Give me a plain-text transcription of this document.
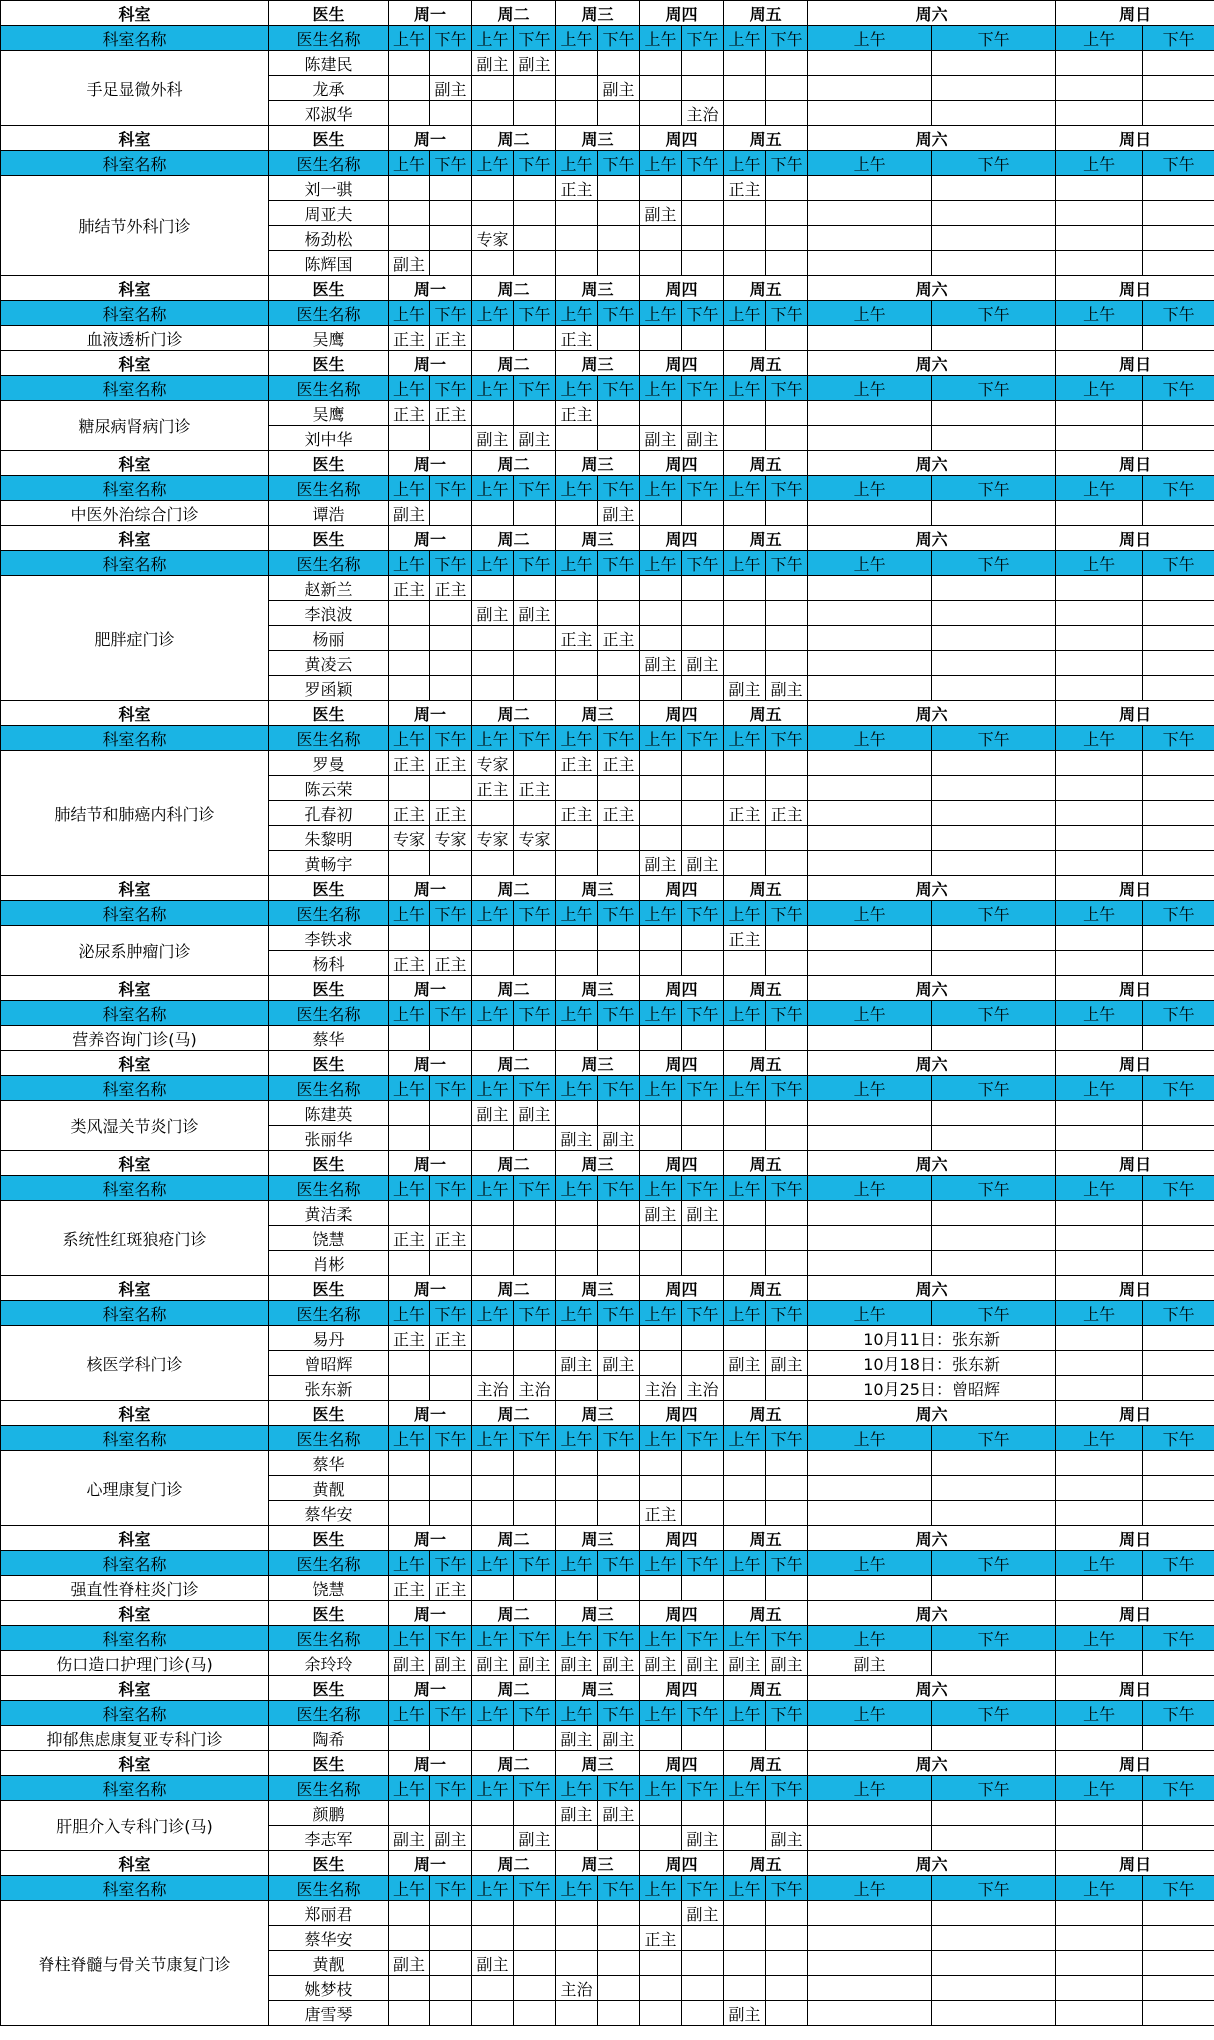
科室	医生	周一		周二		周三		周四		周五		周六		周日	
科室名称	医生名称	上午	下午	上午	下午	上午	下午	上午	下午	上午	下午	上午	下午	上午	下午
手足显微外科	陈建民			副主	副主										
	龙承		副主				副主								
	邓淑华								主治						
科室	医生	周一		周二		周三		周四		周五		周六		周日	
科室名称	医生名称	上午	下午	上午	下午	上午	下午	上午	下午	上午	下午	上午	下午	上午	下午
肺结节外科门诊	刘一骐					正主				正主					
	周亚夫							副主							
	杨劲松			专家											
	陈辉国	副主													
科室	医生	周一		周二		周三		周四		周五		周六		周日	
科室名称	医生名称	上午	下午	上午	下午	上午	下午	上午	下午	上午	下午	上午	下午	上午	下午
血液透析门诊	吴鹰	正主	正主			正主									
科室	医生	周一		周二		周三		周四		周五		周六		周日	
科室名称	医生名称	上午	下午	上午	下午	上午	下午	上午	下午	上午	下午	上午	下午	上午	下午
糖尿病肾病门诊	吴鹰	正主	正主			正主									
	刘中华			副主	副主			副主	副主						
科室	医生	周一		周二		周三		周四		周五		周六		周日	
科室名称	医生名称	上午	下午	上午	下午	上午	下午	上午	下午	上午	下午	上午	下午	上午	下午
中医外治综合门诊	谭浩	副主					副主								
科室	医生	周一		周二		周三		周四		周五		周六		周日	
科室名称	医生名称	上午	下午	上午	下午	上午	下午	上午	下午	上午	下午	上午	下午	上午	下午
肥胖症门诊	赵新兰	正主	正主												
	李浪波			副主	副主										
	杨丽					正主	正主								
	黄凌云							副主	副主						
	罗函颖									副主	副主				
科室	医生	周一		周二		周三		周四		周五		周六		周日	
科室名称	医生名称	上午	下午	上午	下午	上午	下午	上午	下午	上午	下午	上午	下午	上午	下午
肺结节和肺癌内科门诊	罗曼	正主	正主	专家		正主	正主								
	陈云荣			正主	正主										
	孔春初	正主	正主			正主	正主			正主	正主				
	朱黎明	专家	专家	专家	专家										
	黄畅宇							副主	副主						
科室	医生	周一		周二		周三		周四		周五		周六		周日	
科室名称	医生名称	上午	下午	上午	下午	上午	下午	上午	下午	上午	下午	上午	下午	上午	下午
泌尿系肿瘤门诊	李铁求									正主					
	杨科	正主	正主												
科室	医生	周一		周二		周三		周四		周五		周六		周日	
科室名称	医生名称	上午	下午	上午	下午	上午	下午	上午	下午	上午	下午	上午	下午	上午	下午
营养咨询门诊(马)	蔡华														
科室	医生	周一		周二		周三		周四		周五		周六		周日	
科室名称	医生名称	上午	下午	上午	下午	上午	下午	上午	下午	上午	下午	上午	下午	上午	下午
类风湿关节炎门诊	陈建英			副主	副主										
	张丽华					副主	副主								
科室	医生	周一		周二		周三		周四		周五		周六		周日	
科室名称	医生名称	上午	下午	上午	下午	上午	下午	上午	下午	上午	下午	上午	下午	上午	下午
系统性红斑狼疮门诊	黄洁柔							副主	副主						
	饶慧	正主	正主												
	肖彬														
科室	医生	周一		周二		周三		周四		周五		周六		周日	
科室名称	医生名称	上午	下午	上午	下午	上午	下午	上午	下午	上午	下午	上午	下午	上午	下午
核医学科门诊	易丹	正主	正主									10月11日：张东新			
	曾昭辉					副主	副主			副主	副主	10月18日：张东新			
	张东新			主治	主治			主治	主治			10月25日：曾昭辉			
科室	医生	周一		周二		周三		周四		周五		周六		周日	
科室名称	医生名称	上午	下午	上午	下午	上午	下午	上午	下午	上午	下午	上午	下午	上午	下午
心理康复门诊	蔡华														
	黄靓														
	蔡华安							正主							
科室	医生	周一		周二		周三		周四		周五		周六		周日	
科室名称	医生名称	上午	下午	上午	下午	上午	下午	上午	下午	上午	下午	上午	下午	上午	下午
强直性脊柱炎门诊	饶慧	正主	正主												
科室	医生	周一		周二		周三		周四		周五		周六		周日	
科室名称	医生名称	上午	下午	上午	下午	上午	下午	上午	下午	上午	下午	上午	下午	上午	下午
伤口造口护理门诊(马)	余玲玲	副主	副主	副主	副主	副主	副主	副主	副主	副主	副主	副主			
科室	医生	周一		周二		周三		周四		周五		周六		周日	
科室名称	医生名称	上午	下午	上午	下午	上午	下午	上午	下午	上午	下午	上午	下午	上午	下午
抑郁焦虑康复亚专科门诊	陶希					副主	副主								
科室	医生	周一		周二		周三		周四		周五		周六		周日	
科室名称	医生名称	上午	下午	上午	下午	上午	下午	上午	下午	上午	下午	上午	下午	上午	下午
肝胆介入专科门诊(马)	颜鹏					副主	副主								
	李志军	副主	副主		副主				副主		副主				
科室	医生	周一		周二		周三		周四		周五		周六		周日	
科室名称	医生名称	上午	下午	上午	下午	上午	下午	上午	下午	上午	下午	上午	下午	上午	下午
脊柱脊髓与骨关节康复门诊	郑丽君								副主						
	蔡华安							正主							
	黄靓	副主		副主											
	姚梦枝					主治									
	唐雪琴									副主					
